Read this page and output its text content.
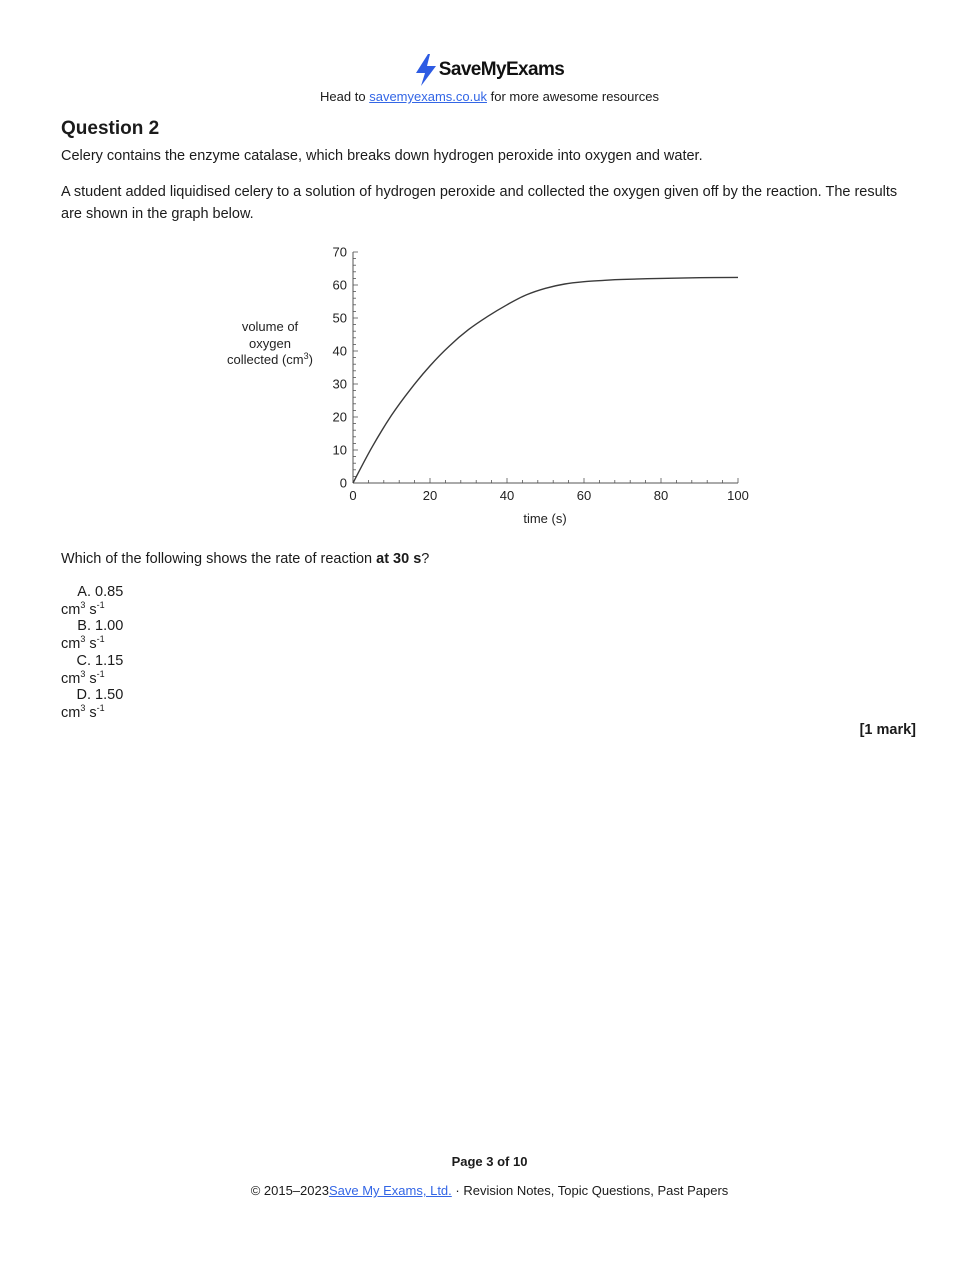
SaveMyExams
Head to savemyexams.co.uk for more awesome resources
Question 2

Celery contains the enzyme catalase, which breaks down hydrogen peroxide into oxygen and water.

A student added liquidised celery to a solution of hydrogen peroxide and collected the oxygen given off by the reaction. The results are shown in the graph below.

0
10
20
30
40
50
60
70
0	20	40	60	80	100
time (s)
volume of
oxygen
collected $(cm^3)$

Which of the following shows the rate of reaction at 30 s?

A. 0.85 $cm^3$ $s^{-1}$
B. 1.00 $cm^3$ $s^{-1}$
C. 1.15 $cm^3$ $s^{-1}$
D. 1.50 $cm^3$ $s^{-1}$
[1 mark]
Page 3 of 10
© 2015–2023Save My Exams, Ltd. · Revision Notes, Topic Questions, Past Papers
